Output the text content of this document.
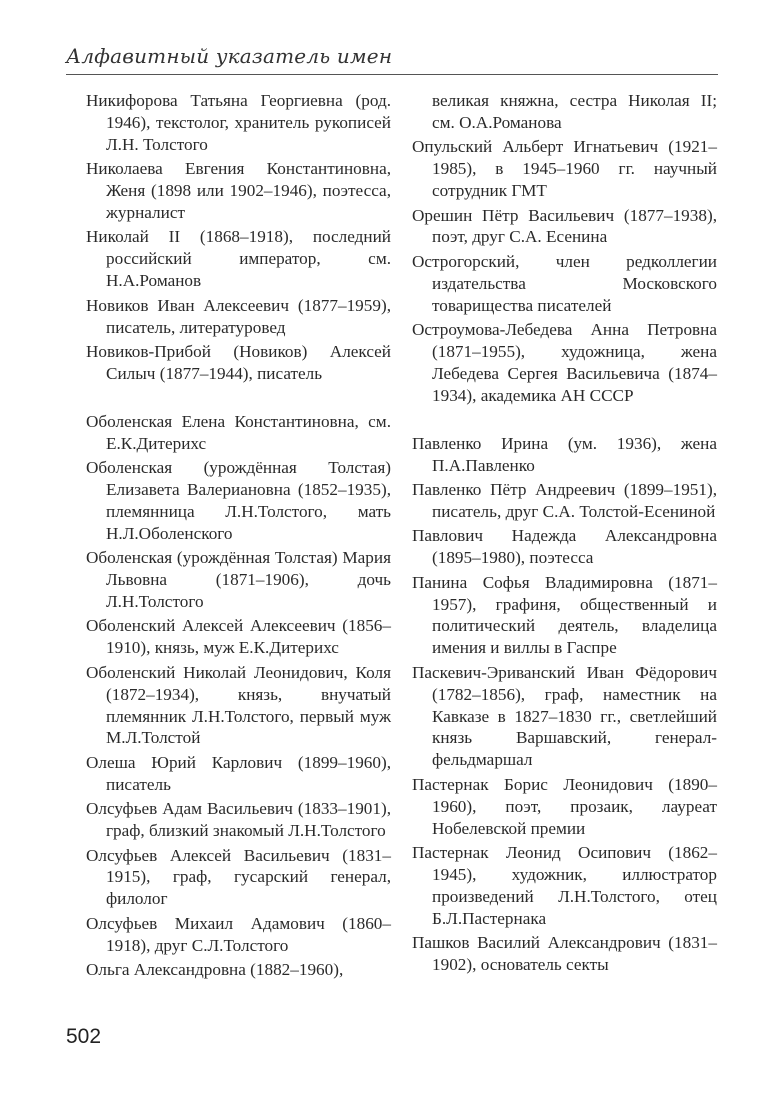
Алфавитный указатель имен

Никифорова Татьяна Георгиевна (род. 1946), текстолог, хранитель рукописей Л.Н. Толстого

Николаева Евгения Константиновна, Женя (1898 или 1902–1946), поэтесса, журналист

Николай II (1868–1918), последний российский император, см. Н.А.Романов

Новиков Иван Алексеевич (1877–1959), писатель, литературовед

Новиков-Прибой (Новиков) Алексей Силыч (1877–1944), писатель

Оболенская Елена Константиновна, см. Е.К.Дитерихс

Оболенская (урождённая Толстая) Елизавета Валериановна (1852–1935), племянница Л.Н.Толстого, мать Н.Л.Оболенского

Оболенская (урождённая Толстая) Мария Львовна (1871–1906), дочь Л.Н.Толстого

Оболенский Алексей Алексеевич (1856–1910), князь, муж Е.К.Дитерихс

Оболенский Николай Леонидович, Коля (1872–1934), князь, внучатый племянник Л.Н.Толстого, первый муж М.Л.Толстой

Олеша Юрий Карлович (1899–1960), писатель

Олсуфьев Адам Васильевич (1833–1901), граф, близкий знакомый Л.Н.Толстого

Олсуфьев Алексей Васильевич (1831–1915), граф, гусарский генерал, филолог

Олсуфьев Михаил Адамович (1860–1918), друг С.Л.Толстого

Ольга Александровна (1882–1960),

великая княжна, сестра Николая II; см. О.А.Романова

Опульский Альберт Игнатьевич (1921–1985), в 1945–1960 гг. научный сотрудник ГМТ

Орешин Пётр Васильевич (1877–1938), поэт, друг С.А. Есенина

Острогорский, член редколлегии издательства Московского товарищества писателей

Остроумова-Лебедева Анна Петровна (1871–1955), художница, жена Лебедева Сергея Васильевича (1874–1934), академика АН СССР

Павленко Ирина (ум. 1936), жена П.А.Павленко

Павленко Пётр Андреевич (1899–1951), писатель, друг С.А. Толстой-Есениной

Павлович Надежда Александровна (1895–1980), поэтесса

Панина Софья Владимировна (1871–1957), графиня, общественный и политический деятель, владелица имения и виллы в Гаспре

Паскевич-Эриванский Иван Фёдорович (1782–1856), граф, наместник на Кавказе в 1827–1830 гг., светлейший князь Варшавский, генерал-фельдмаршал

Пастернак Борис Леонидович (1890–1960), поэт, прозаик, лауреат Нобелевской премии

Пастернак Леонид Осипович (1862–1945), художник, иллюстратор произведений Л.Н.Толстого, отец Б.Л.Пастернака

Пашков Василий Александрович (1831–1902), основатель секты

502
